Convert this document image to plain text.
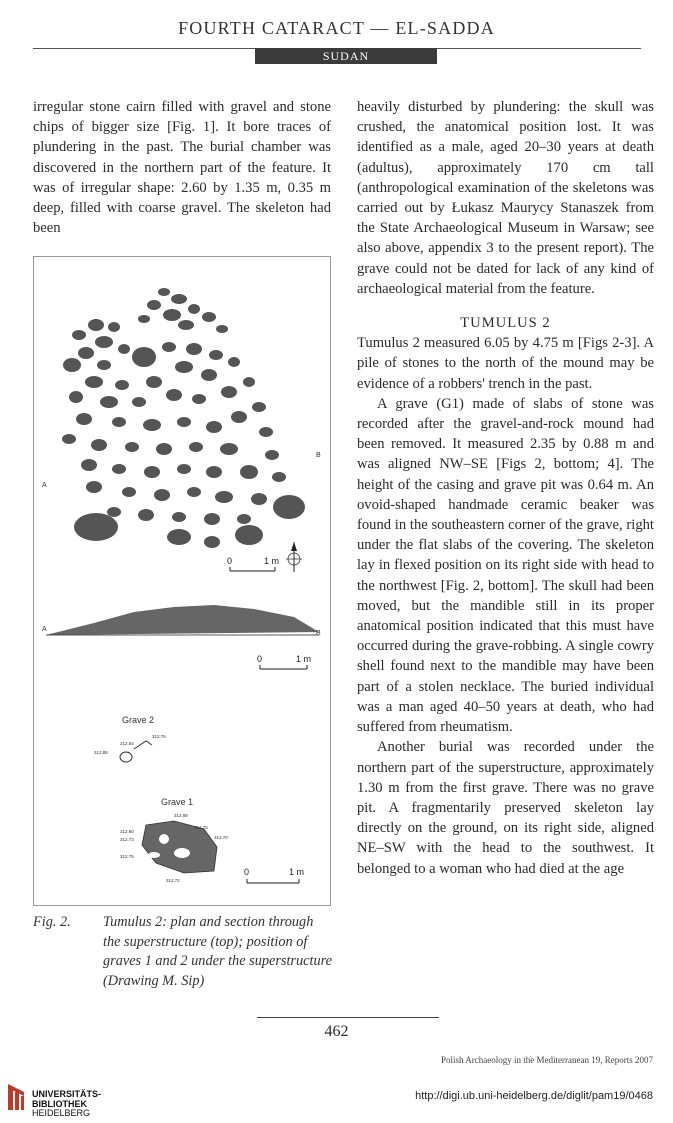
FOURTH CATARACT — EL-SADDA
SUDAN

irregular stone cairn filled with gravel and stone chips of bigger size [Fig. 1]. It bore traces of plundering in the past. The burial chamber was discovered in the northern part of the feature. It was of irregular shape: 2.60 by 1.35 m, 0.35 m deep, filled with coarse gravel. The skeleton had been

A
B
0	1 m
A
B
0	1 m
Grave 2
312.76
312.84
312.88
Grave 1
312.88
312.75
312.80
312.73	312.70
312.75
312.72
0	1 m
Fig. 2. Tumulus 2: plan and section through the superstructure (top); position of graves 1 and 2 under the superstructure (Drawing M. Sip)

heavily disturbed by plundering: the skull was crushed, the anatomical position lost. It was identified as a male, aged 20–30 years at death (adultus), approximately 170 cm tall (anthropological examination of the skeletons was carried out by Łukasz Maurycy Stanaszek from the State Archaeological Museum in Warsaw; see also above, appendix 3 to the present report). The grave could not be dated for lack of any kind of archaeological material from the feature.

TUMULUS 2

Tumulus 2 measured 6.05 by 4.75 m [Figs 2-3]. A pile of stones to the north of the mound may be evidence of a robbers' trench in the past.

A grave (G1) made of slabs of stone was recorded after the gravel-and-rock mound had been removed. It measured 2.35 by 0.88 m and was aligned NW–SE [Figs 2, bottom; 4]. The height of the casing and grave pit was 0.64 m. An ovoid-shaped handmade ceramic beaker was found in the southeastern corner of the grave, right under the flat slabs of the covering. The skeleton lay in flexed position on its right side with head to the northwest [Fig. 2, bottom]. The skull had been moved, but the mandible still in its proper anatomical position indicated that this must have occurred during the grave-robbing. A single cowry shell found next to the mandible may have been part of a stolen necklace. The buried individual was a man aged 40–50 years at death, who had suffered from rheumatism.

Another burial was recorded under the northern part of the superstructure, approximately 1.30 m from the first grave. There was no grave pit. A fragmentarily preserved skeleton lay directly on the ground, on its right side, aligned NE–SW with the head to the southwest. It belonged to a woman who had died at the age

462
Polish Archaeology in the Mediterranean 19, Reports 2007
UNIVERSITÄTS-
BIBLIOTHEK
HEIDELBERG
http://digi.ub.uni-heidelberg.de/diglit/pam19/0468
